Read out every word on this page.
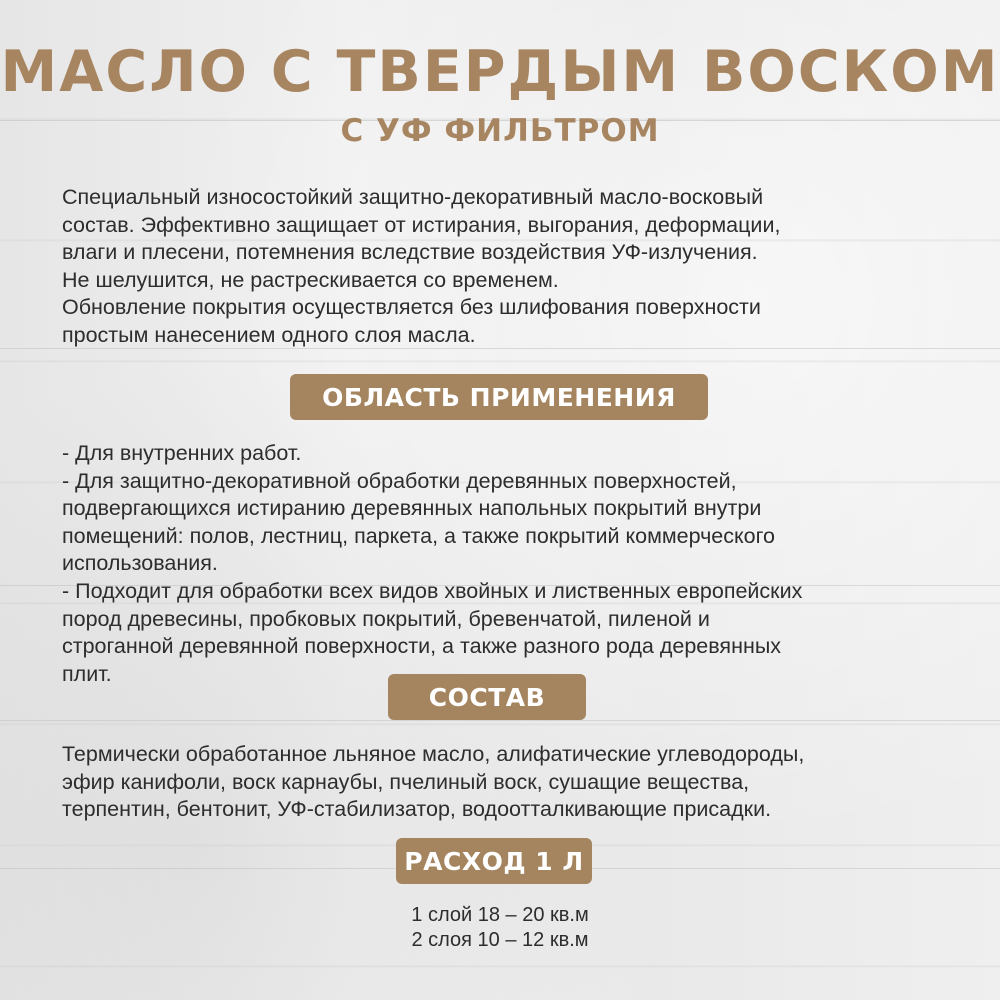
МАСЛО С ТВЕРДЫМ ВОСКОМ
С УФ ФИЛЬТРОМ

Специальный износостойкий защитно-декоративный масло-восковый

состав. Эффективно защищает от истирания, выгорания, деформации,

влаги и плесени, потемнения вследствие воздействия УФ-излучения.

Не шелушится, не растрескивается со временем.

Обновление покрытия осуществляется без шлифования поверхности

простым нанесением одного слоя масла.

ОБЛАСТЬ ПРИМЕНЕНИЯ

- Для внутренних работ.

- Для защитно-декоративной обработки деревянных поверхностей,

подвергающихся истиранию деревянных напольных покрытий внутри

помещений: полов, лестниц, паркета, а также покрытий коммерческого

использования.

- Подходит для обработки всех видов хвойных и лиственных европейских

пород древесины, пробковых покрытий, бревенчатой, пиленой и

строганной деревянной поверхности, а также разного рода деревянных

плит.

СОСТАВ

Термически обработанное льняное масло, алифатические углеводороды,

эфир канифоли, воск карнаубы, пчелиный воск, сушащие вещества,

терпентин, бентонит, УФ-стабилизатор, водоотталкивающие присадки.

РАСХОД 1 Л

1 слой 18 – 20 кв.м

2 слоя 10 – 12 кв.м
